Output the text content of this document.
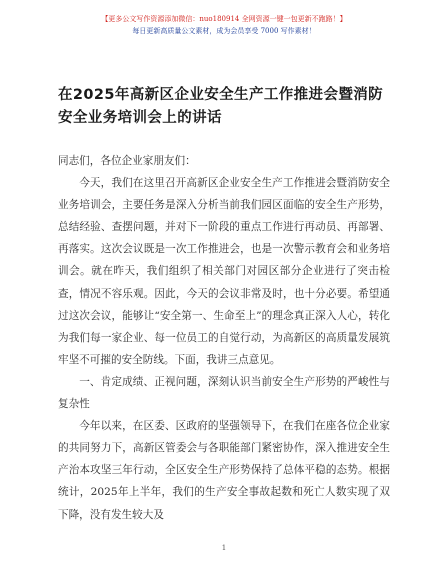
【更多公文写作资源添加微信：nuo180914 全网资源一键一包更新不跑路！】
每日更新高质量公文素材，成为会员享受 7000 写作素材！
在2025年高新区企业安全生产工作推进会暨消防安全业务培训会上的讲话

同志们，各位企业家朋友们：

今天，我们在这里召开高新区企业安全生产工作推进会暨消防安全业务培训会，主要任务是深入分析当前我们园区面临的安全生产形势，总结经验、查摆问题，并对下一阶段的重点工作进行再动员、再部署、再落实。这次会议既是一次工作推进会，也是一次警示教育会和业务培训会。就在昨天，我们组织了相关部门对园区部分企业进行了突击检查，情况不容乐观。因此，今天的会议非常及时，也十分必要。希望通过这次会议，能够让“安全第一、生命至上”的理念真正深入人心，转化为我们每一家企业、每一位员工的自觉行动，为高新区的高质量发展筑牢坚不可摧的安全防线。下面，我讲三点意见。

一、肯定成绩、正视问题，深刻认识当前安全生产形势的严峻性与复杂性

今年以来，在区委、区政府的坚强领导下，在我们在座各位企业家的共同努力下，高新区管委会与各职能部门紧密协作，深入推进安全生产治本攻坚三年行动，全区安全生产形势保持了总体平稳的态势。根据统计，2025年上半年，我们的生产安全事故起数和死亡人数实现了双下降，没有发生较大及

1
